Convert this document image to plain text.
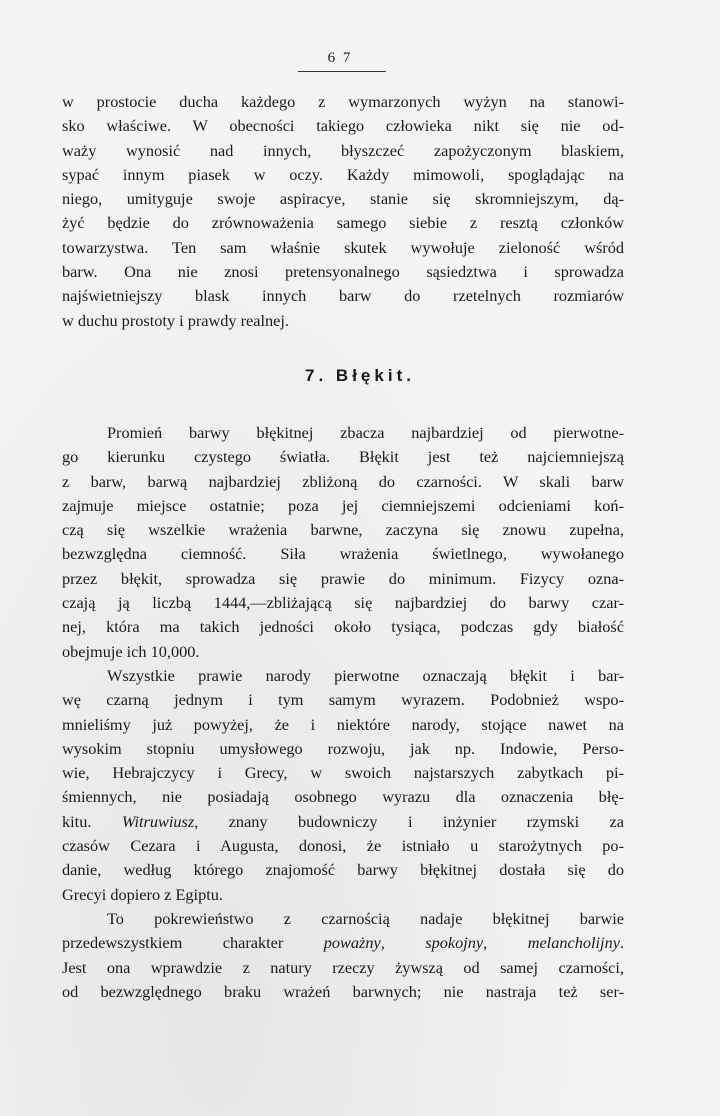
6 7
w prostocie ducha każdego z wymarzonych wyżyn na stanowi-
sko właściwe. W obecności takiego człowieka nikt się nie od-
waży wynosić nad innych, błyszczeć zapożyczonym blaskiem,
sypać innym piasek w oczy. Każdy mimowoli, spoglądając na
niego, umityguje swoje aspiracye, stanie się skromniejszym, dą-
żyć będzie do zrównoważenia samego siebie z resztą członków
towarzystwa. Ten sam właśnie skutek wywołuje zieloność wśród
barw. Ona nie znosi pretensyonalnego sąsiedztwa i sprowadza
najświetniejszy blask innych barw do rzetelnych rozmiarów
w duchu prostoty i prawdy realnej.
7. Błękit.
Promień barwy błękitnej zbacza najbardziej od pierwotne-
go kierunku czystego światła. Błękit jest też najciemniejszą
z barw, barwą najbardziej zbliżoną do czarności. W skali barw
zajmuje miejsce ostatnie; poza jej ciemniejszemi odcieniami koń-
czą się wszelkie wrażenia barwne, zaczyna się znowu zupełna,
bezwzględna ciemność. Siła wrażenia świetlnego, wywołanego
przez błękit, sprowadza się prawie do minimum. Fizycy ozna-
czają ją liczbą 1444,—zbliżającą się najbardziej do barwy czar-
nej, która ma takich jedności około tysiąca, podczas gdy białość
obejmuje ich 10,000.
Wszystkie prawie narody pierwotne oznaczają błękit i bar-
wę czarną jednym i tym samym wyrazem. Podobnież wspo-
mnieliśmy już powyżej, że i niektóre narody, stojące nawet na
wysokim stopniu umysłowego rozwoju, jak np. Indowie, Perso-
wie, Hebrajczycy i Grecy, w swoich najstarszych zabytkach pi-
śmiennych, nie posiadają osobnego wyrazu dla oznaczenia błę-
kitu. Witruwiusz, znany budowniczy i inżynier rzymski za
czasów Cezara i Augusta, donosi, że istniało u starożytnych po-
danie, według którego znajomość barwy błękitnej dostała się do
Grecyi dopiero z Egiptu.
To pokrewieństwo z czarnością nadaje błękitnej barwie
przedewszystkiem charakter poważny, spokojny, melancholijny.
Jest ona wprawdzie z natury rzeczy żywszą od samej czarności,
od bezwzględnego braku wrażeń barwnych; nie nastraja też ser-
